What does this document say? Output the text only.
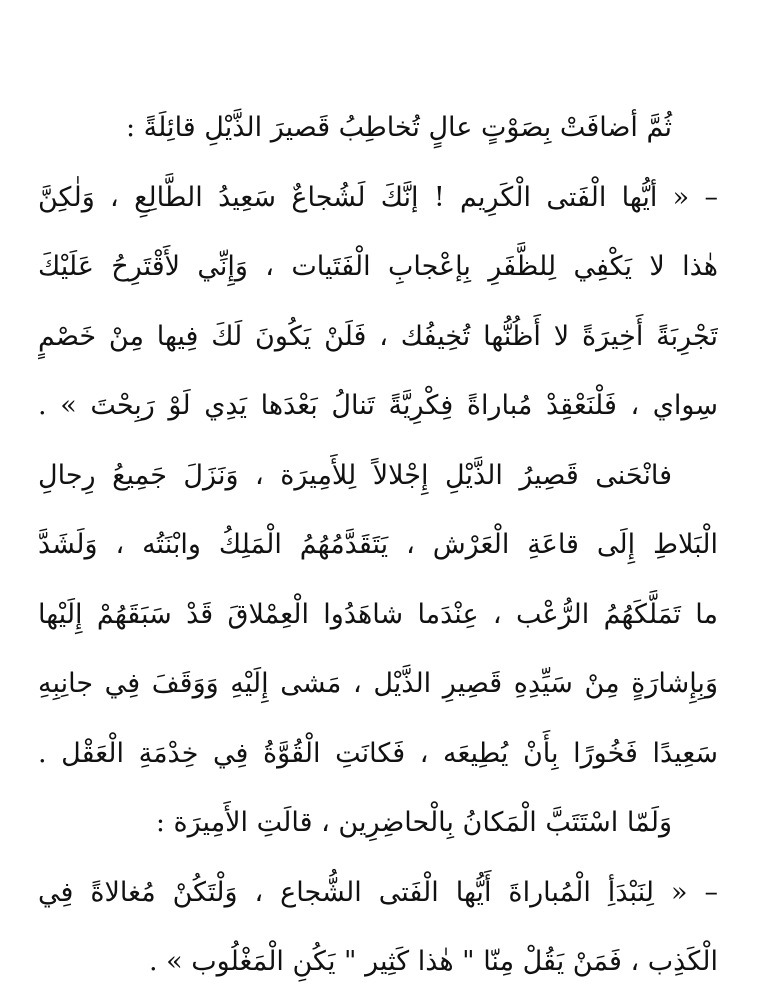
ثُمَّ أضافَتْ بِصَوْتٍ عالٍ تُخاطِبُ قَصيرَ الذَّيْلِ قائِلَةً :
– « أيُّها الْفَتى الْكَرِيم ! إنَّكَ لَشُجاعٌ سَعِيدُ الطَّالِعِ ، وَلٰكِنَّ
هٰذا لا يَكْفِي لِلظَّفَرِ بِإعْجابِ الْفَتَيات ، وَإِنِّي لأَقْتَرِحُ عَلَيْكَ
تَجْرِبَةً أَخِيرَةً لا أَظُنُّها تُخِيفُك ، فَلَنْ يَكُونَ لَكَ فِيها مِنْ خَصْمٍ
سِواي ، فَلْنَعْقِدْ مُباراةً فِكْرِيَّةً تَنالُ بَعْدَها يَدِي لَوْ رَبِحْتَ » .
فانْحَنى قَصِيرُ الذَّيْلِ إِجْلالاً لِلأَمِيرَة ، وَنَزَلَ جَمِيعُ رِجالِ
الْبَلاطِ إِلَى قاعَةِ الْعَرْش ، يَتَقَدَّمُهُمُ الْمَلِكُ وابْنَتُه ، وَلَشَدَّ
ما تَمَلَّكَهُمُ الرُّعْب ، عِنْدَما شاهَدُوا الْعِمْلاقَ قَدْ سَبَقَهُمْ إِلَيْها
وَبِإِشارَةٍ مِنْ سَيِّدِهِ قَصِيرِ الذَّيْل ، مَشى إِلَيْهِ وَوَقَفَ فِي جانِبِهِ
سَعِيدًا فَخُورًا بِأَنْ يُطِيعَه ، فَكانَتِ الْقُوَّةُ فِي خِدْمَةِ الْعَقْل .
وَلَمّا اسْتَتَبَّ الْمَكانُ بِالْحاضِرِين ، قالَتِ الأَمِيرَة :
– « لِنَبْدَأِ الْمُباراةَ أَيُّها الْفَتى الشُّجاع ، وَلْتَكُنْ مُغالاةً فِي
الْكَذِب ، فَمَنْ يَقُلْ مِنّا " هٰذا كَثِير " يَكُنِ الْمَغْلُوب » .
